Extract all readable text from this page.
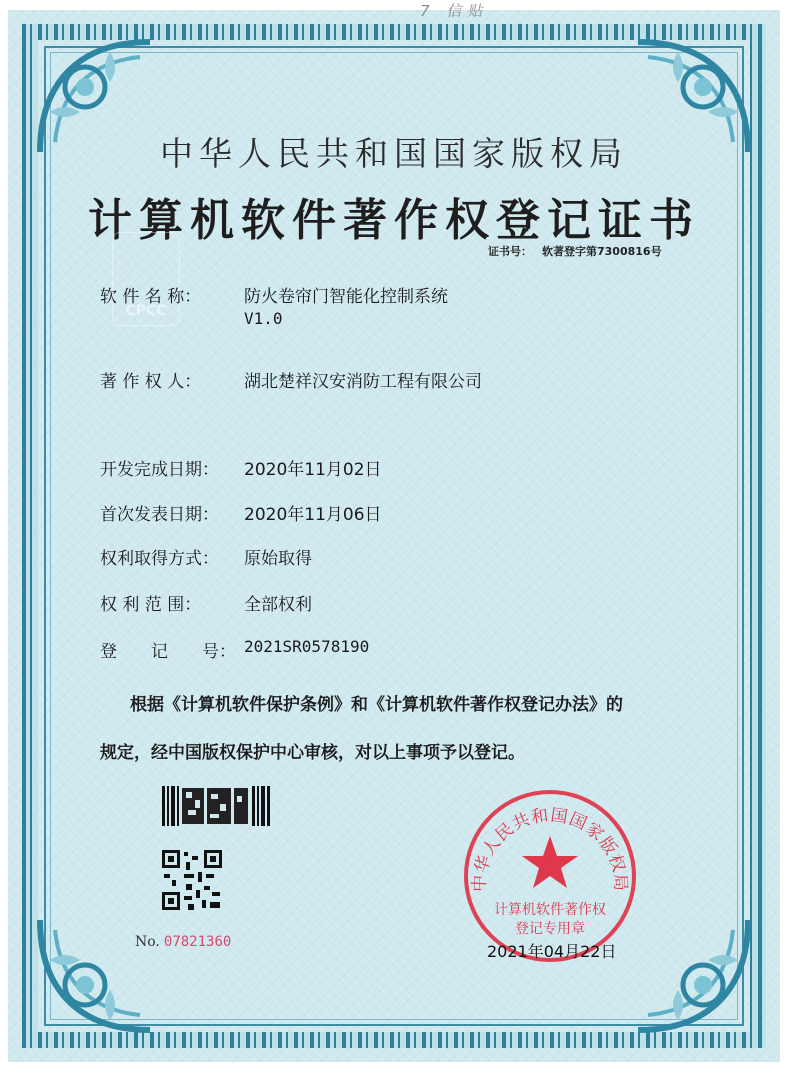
7 信贴
中华人民共和国国家版权局
计算机软件著作权登记证书
证书号： 软著登字第7300816号
CPCC
软 件 名 称：	防火卷帘门智能化控制系统
V1.0
著 作 权 人：	湖北楚祥汉安消防工程有限公司
开发完成日期： 2020年11月02日
首次发表日期： 2020年11月06日
权利取得方式： 原始取得
权 利 范 围：	全部权利
登　　记　　号： 2021SR0578190
根据《计算机软件保护条例》和《计算机软件著作权登记办法》的
规定，经中国版权保护中心审核，对以上事项予以登记。
No. 07821360
中华人民共和国国家版权局
计算机软件著作权
登记专用章
2021年04月22日
